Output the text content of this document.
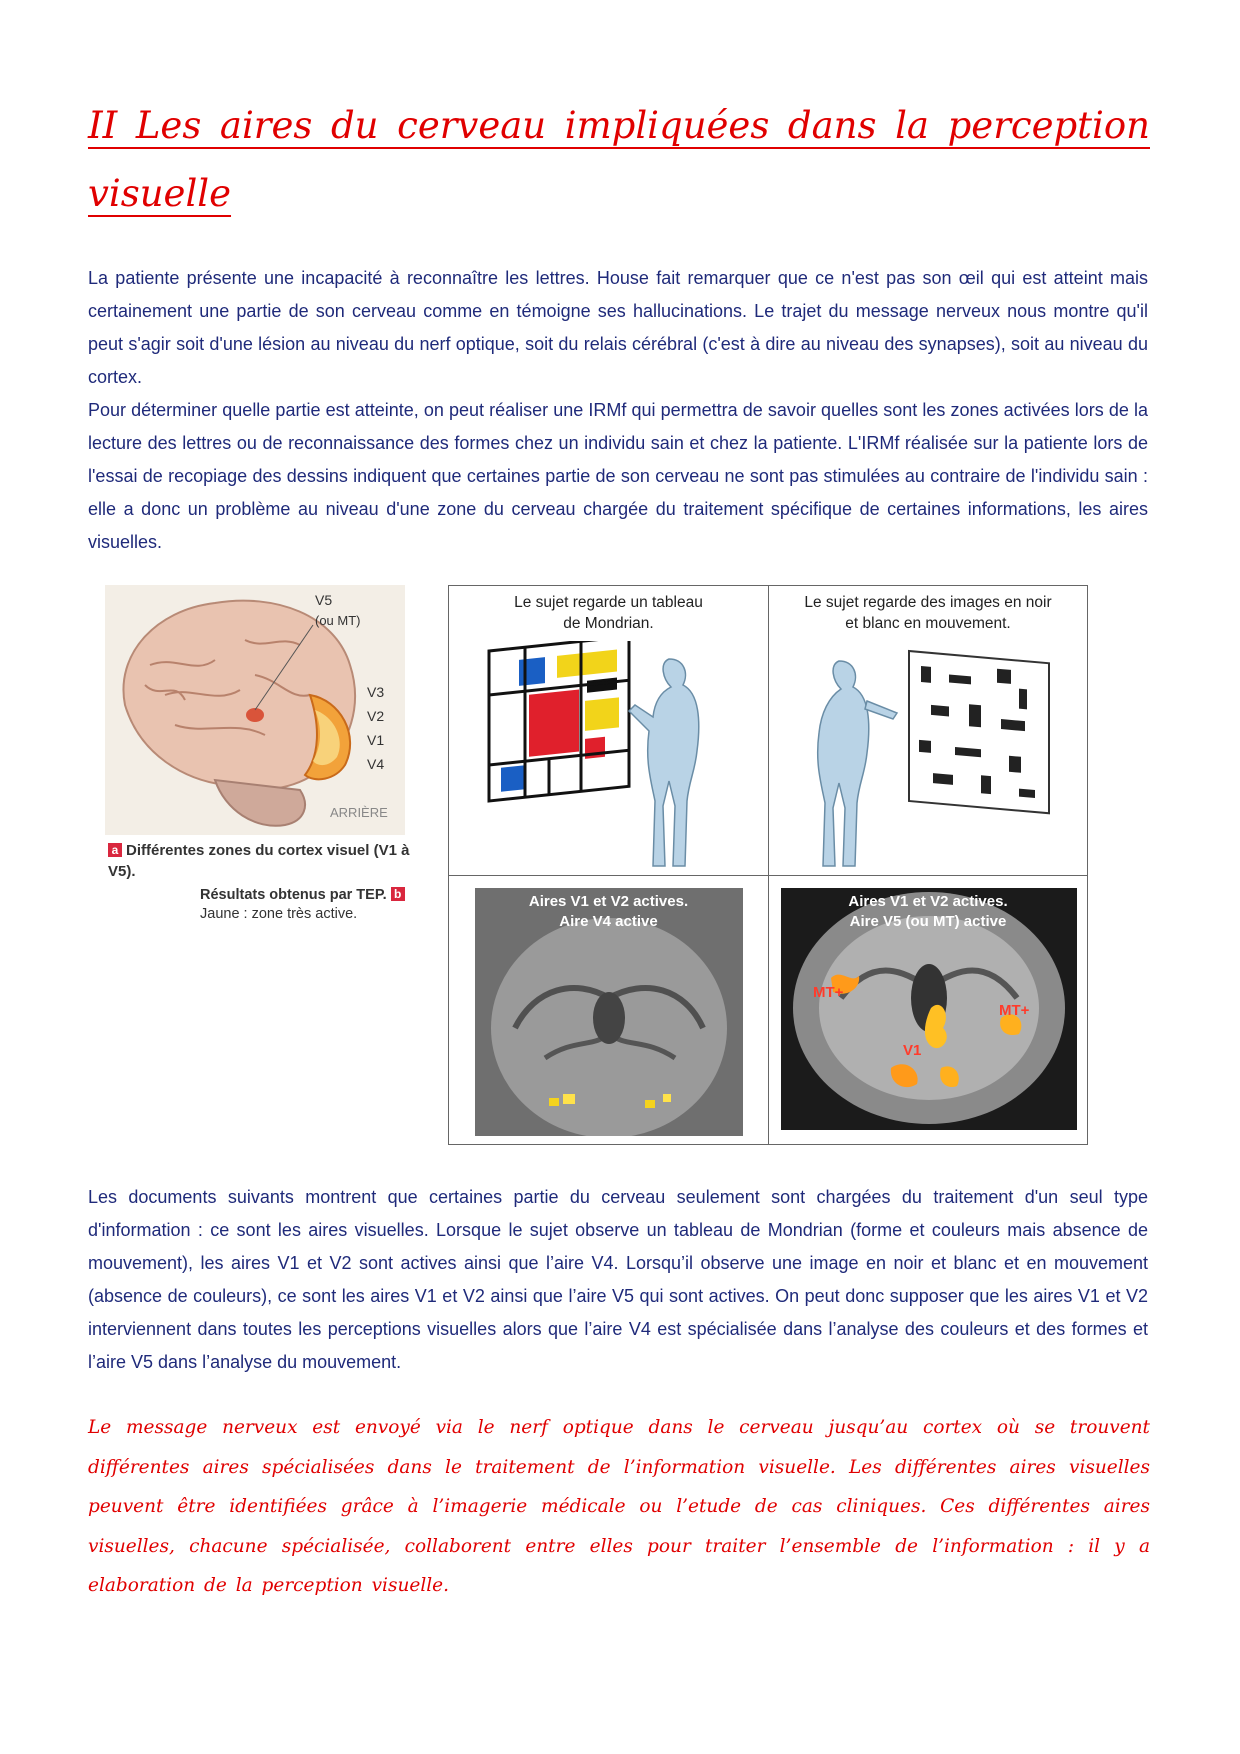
II Les aires du cerveau impliquées dans la perception visuelle

La patiente présente une incapacité à reconnaître les lettres. House fait remarquer que ce n'est pas son œil qui est atteint mais certainement une partie de son cerveau comme en témoigne ses hallucinations. Le trajet du message nerveux nous montre qu'il peut s'agir soit d'une lésion au niveau du nerf optique, soit du relais cérébral (c'est à dire au niveau des synapses), soit au niveau du cortex.

Pour déterminer quelle partie est atteinte, on peut réaliser une IRMf qui permettra de savoir quelles sont les zones activées lors de la lecture des lettres ou de reconnaissance des formes chez un individu sain et chez la patiente. L'IRMf réalisée sur la patiente lors de l'essai de recopiage des dessins indiquent que certaines partie de son cerveau ne sont pas stimulées au contraire de l'individu sain : elle a donc un problème au niveau d'une zone du cerveau chargée du traitement spécifique de certaines informations, les aires visuelles.

V5
(ou MT)
V3
V2
V1
V4
ARRIÈRE
a Différentes zones du cortex visuel (V1 à V5).
Résultats obtenus par TEP. b
Jaune : zone très active.
Le sujet regarde un tableau
de Mondrian.
Le sujet regarde des images en noir
et blanc en mouvement.
Aires V1 et V2 actives.
Aire V4 active
Aires V1 et V2 actives.
Aire V5 (ou MT) active
MT+
MT+
V1

Les documents suivants montrent que certaines partie du cerveau seulement sont chargées du traitement d'un seul type d'information : ce sont les aires visuelles. Lorsque le sujet observe un tableau de Mondrian (forme et couleurs mais absence de mouvement), les aires V1 et V2 sont actives ainsi que l’aire V4. Lorsqu’il observe une image en noir et blanc et en mouvement (absence de couleurs), ce sont les aires V1 et V2 ainsi que l’aire V5 qui sont actives. On peut donc supposer que les aires V1 et V2 interviennent dans toutes les perceptions visuelles alors que l’aire V4 est spécialisée dans l’analyse des couleurs et des formes et l’aire V5 dans l’analyse du mouvement.

Le message nerveux est envoyé via le nerf optique dans le cerveau jusqu’au cortex où se trouvent différentes aires spécialisées dans le traitement de l’information visuelle. Les différentes aires visuelles peuvent être identifiées grâce à l’imagerie médicale ou l’etude de cas cliniques. Ces différentes aires visuelles, chacune spécialisée, collaborent entre elles pour traiter l’ensemble de l’information : il y a elaboration de la perception visuelle.
